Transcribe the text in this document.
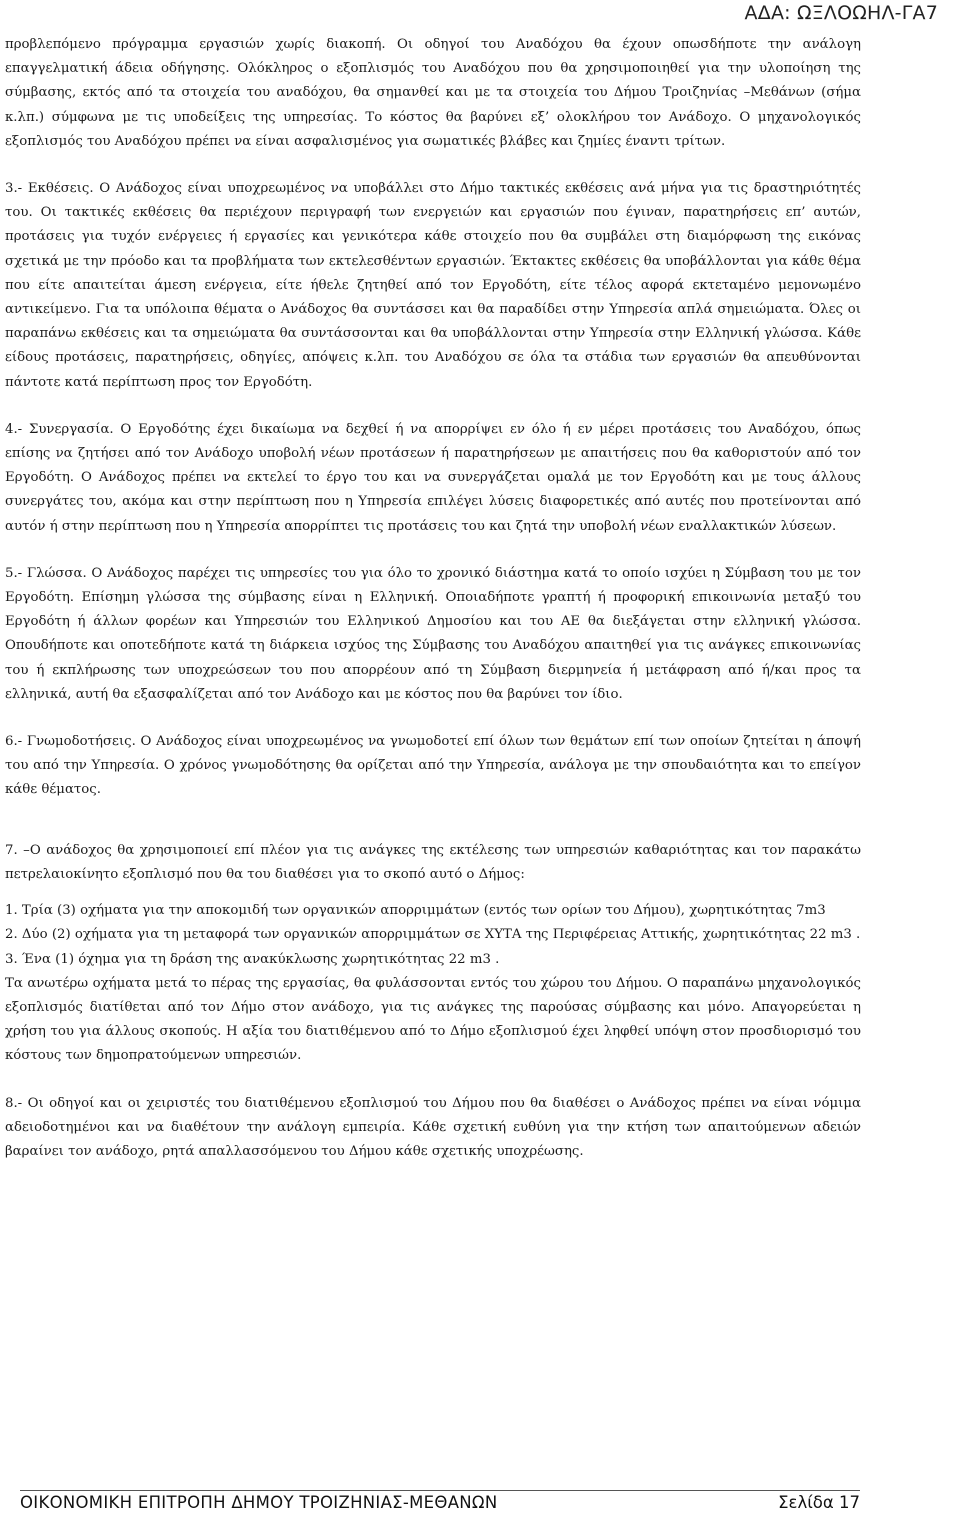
ΑΔΑ: ΩΞΛΟΩΗΛ-ΓΑ7

προβλεπόμενο πρόγραμμα εργασιών χωρίς διακοπή. Οι οδηγοί του Αναδόχου θα έχουν οπωσδήποτε την ανάλογη επαγγελματική άδεια οδήγησης. Ολόκληρος ο εξοπλισμός του Αναδόχου που θα χρησιμοποιηθεί για την υλοποίηση της σύμβασης, εκτός από τα στοιχεία του αναδόχου, θα σημανθεί και με τα στοιχεία του Δήμου Τροιζηνίας –Μεθάνων (σήμα κ.λπ.) σύμφωνα με τις υποδείξεις της υπηρεσίας. Το κόστος θα βαρύνει εξ’ ολοκλήρου τον Ανάδοχο. Ο μηχανολογικός εξοπλισμός του Αναδόχου πρέπει να είναι ασφαλισμένος για σωματικές βλάβες και ζημίες έναντι τρίτων.

3.- Εκθέσεις. Ο Ανάδοχος είναι υποχρεωμένος να υποβάλλει στο Δήμο τακτικές εκθέσεις ανά μήνα για τις δραστηριότητές του. Οι τακτικές εκθέσεις θα περιέχουν περιγραφή των ενεργειών και εργασιών που έγιναν, παρατηρήσεις επ’ αυτών, προτάσεις για τυχόν ενέργειες ή εργασίες και γενικότερα κάθε στοιχείο που θα συμβάλει στη διαμόρφωση της εικόνας σχετικά με την πρόοδο και τα προβλήματα των εκτελεσθέντων εργασιών. Έκτακτες εκθέσεις θα υποβάλλονται για κάθε θέμα που είτε απαιτείται άμεση ενέργεια, είτε ήθελε ζητηθεί από τον Εργοδότη, είτε τέλος αφορά εκτεταμένο μεμονωμένο αντικείμενο. Για τα υπόλοιπα θέματα ο Ανάδοχος θα συντάσσει και θα παραδίδει στην Υπηρεσία απλά σημειώματα. Όλες οι παραπάνω εκθέσεις και τα σημειώματα θα συντάσσονται και θα υποβάλλονται στην Υπηρεσία στην Ελληνική γλώσσα. Κάθε είδους προτάσεις, παρατηρήσεις, οδηγίες, απόψεις κ.λπ. του Αναδόχου σε όλα τα στάδια των εργασιών θα απευθύνονται πάντοτε κατά περίπτωση προς τον Εργοδότη.

4.- Συνεργασία. Ο Εργοδότης έχει δικαίωμα να δεχθεί ή να απορρίψει εν όλο ή εν μέρει προτάσεις του Αναδόχου, όπως επίσης να ζητήσει από τον Ανάδοχο υποβολή νέων προτάσεων ή παρατηρήσεων με απαιτήσεις που θα καθοριστούν από τον Εργοδότη. Ο Ανάδοχος πρέπει να εκτελεί το έργο του και να συνεργάζεται ομαλά με τον Εργοδότη και με τους άλλους συνεργάτες του, ακόμα και στην περίπτωση που η Υπηρεσία επιλέγει λύσεις διαφορετικές από αυτές που προτείνονται από αυτόν ή στην περίπτωση που η Υπηρεσία απορρίπτει τις προτάσεις του και ζητά την υποβολή νέων εναλλακτικών λύσεων.

5.- Γλώσσα. Ο Ανάδοχος παρέχει τις υπηρεσίες του για όλο το χρονικό διάστημα κατά το οποίο ισχύει η Σύμβαση του με τον Εργοδότη. Επίσημη γλώσσα της σύμβασης είναι η Ελληνική. Οποιαδήποτε γραπτή ή προφορική επικοινωνία μεταξύ του Εργοδότη ή άλλων φορέων και Υπηρεσιών του Ελληνικού Δημοσίου και του ΑΕ θα διεξάγεται στην ελληνική γλώσσα. Οπουδήποτε και οποτεδήποτε κατά τη διάρκεια ισχύος της Σύμβασης του Αναδόχου απαιτηθεί για τις ανάγκες επικοινωνίας του ή εκπλήρωσης των υποχρεώσεων του που απορρέουν από τη Σύμβαση διερμηνεία ή μετάφραση από ή/και προς τα ελληνικά, αυτή θα εξασφαλίζεται από τον Ανάδοχο και με κόστος που θα βαρύνει τον ίδιο.

6.- Γνωμοδοτήσεις. Ο Ανάδοχος είναι υποχρεωμένος να γνωμοδοτεί επί όλων των θεμάτων επί των οποίων ζητείται η άποψή του από την Υπηρεσία. Ο χρόνος γνωμοδότησης θα ορίζεται από την Υπηρεσία, ανάλογα με την σπουδαιότητα και το επείγον κάθε θέματος.

7. –Ο ανάδοχος θα χρησιμοποιεί επί πλέον για τις ανάγκες της εκτέλεσης των υπηρεσιών καθαριότητας και τον παρακάτω πετρελαιοκίνητο εξοπλισμό που θα του διαθέσει για το σκοπό αυτό ο Δήμος:

1. Τρία (3) οχήματα για την αποκομιδή των οργανικών απορριμμάτων (εντός των ορίων του Δήμου), χωρητικότητας 7m3

2. Δύο (2) οχήματα για τη μεταφορά των οργανικών απορριμμάτων σε ΧΥΤΑ της Περιφέρειας Αττικής, χωρητικότητας 22 m3 .

3. Ένα (1) όχημα για τη δράση της ανακύκλωσης χωρητικότητας 22 m3 .

Τα ανωτέρω οχήματα μετά το πέρας της εργασίας, θα φυλάσσονται εντός του χώρου του Δήμου. Ο παραπάνω μηχανολογικός εξοπλισμός διατίθεται από τον Δήμο στον ανάδοχο, για τις ανάγκες της παρούσας σύμβασης και μόνο. Απαγορεύεται η χρήση του για άλλους σκοπούς. Η αξία του διατιθέμενου από το Δήμο εξοπλισμού έχει ληφθεί υπόψη στον προσδιορισμό του κόστους των δημοπρατούμενων υπηρεσιών.

8.- Οι οδηγοί και οι χειριστές του διατιθέμενου εξοπλισμού του Δήμου που θα διαθέσει ο Ανάδοχος πρέπει να είναι νόμιμα αδειοδοτημένοι και να διαθέτουν την ανάλογη εμπειρία. Κάθε σχετική ευθύνη για την κτήση των απαιτούμενων αδειών βαραίνει τον ανάδοχο, ρητά απαλλασσόμενου του Δήμου κάθε σχετικής υποχρέωσης.

ΟΙΚΟΝΟΜΙΚΗ ΕΠΙΤΡΟΠΗ ΔΗΜΟΥ ΤΡΟΙΖΗΝΙΑΣ-ΜΕΘΑΝΩΝ	Σελίδα 17
